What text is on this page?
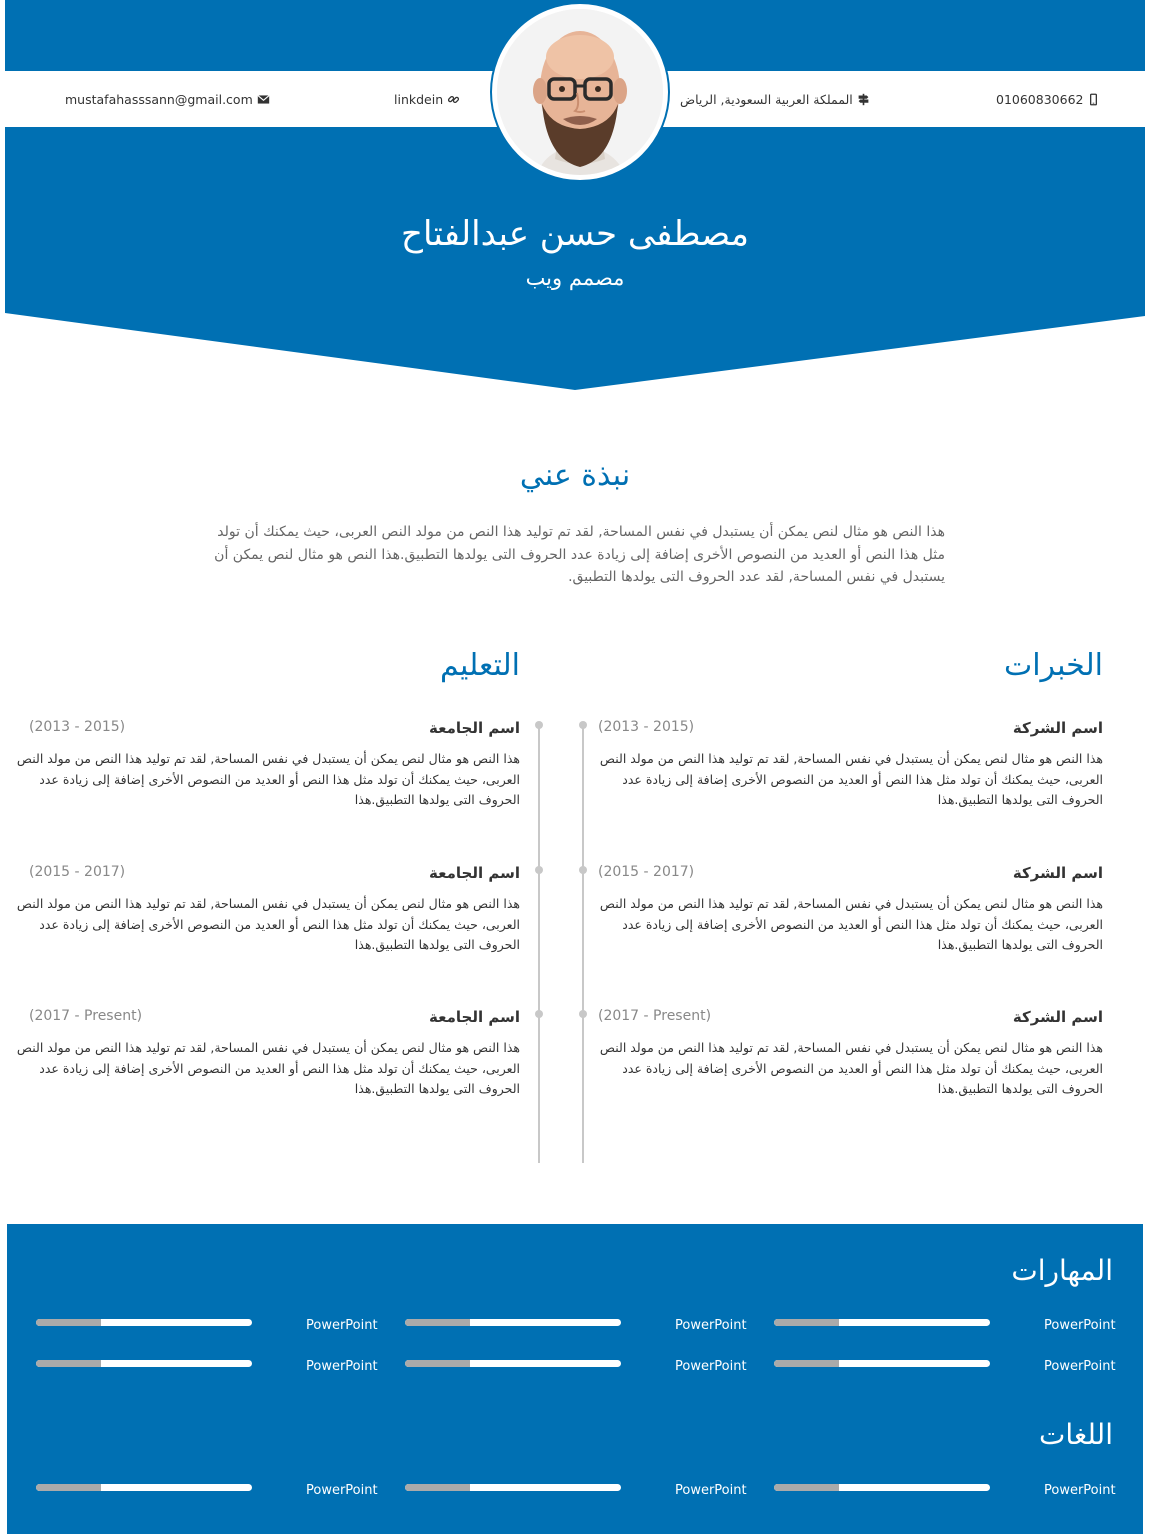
mustafahasssann@gmail.com	linkdein	المملكة العربية السعودية, الرياض	01060830662
مصطفى حسن عبدالفتاح
مصمم ويب
نبذة عني
هذا النص هو مثال لنص يمكن أن يستبدل في نفس المساحة, لقد تم توليد هذا النص من مولد النص العربى، حيث يمكنك أن تولد مثل هذا النص أو العديد من النصوص الأخرى إضافة إلى زيادة عدد الحروف التى يولدها التطبيق.هذا النص هو مثال لنص يمكن أن يستبدل في نفس المساحة, لقد عدد الحروف التى يولدها التطبيق.
الخبرات
التعليم
اسم الشركة
(2013 - 2015)
هذا النص هو مثال لنص يمكن أن يستبدل في نفس المساحة, لقد تم توليد هذا النص من مولد النص العربى، حيث يمكنك أن تولد مثل هذا النص أو العديد من النصوص الأخرى إضافة إلى زيادة عدد الحروف التى يولدها التطبيق.هذا
اسم الشركة
(2015 - 2017)
هذا النص هو مثال لنص يمكن أن يستبدل في نفس المساحة, لقد تم توليد هذا النص من مولد النص العربى، حيث يمكنك أن تولد مثل هذا النص أو العديد من النصوص الأخرى إضافة إلى زيادة عدد الحروف التى يولدها التطبيق.هذا
اسم الشركة
(2017 - Present)
هذا النص هو مثال لنص يمكن أن يستبدل في نفس المساحة, لقد تم توليد هذا النص من مولد النص العربى، حيث يمكنك أن تولد مثل هذا النص أو العديد من النصوص الأخرى إضافة إلى زيادة عدد الحروف التى يولدها التطبيق.هذا
اسم الجامعة
(2013 - 2015)
هذا النص هو مثال لنص يمكن أن يستبدل في نفس المساحة, لقد تم توليد هذا النص من مولد النص العربى، حيث يمكنك أن تولد مثل هذا النص أو العديد من النصوص الأخرى إضافة إلى زيادة عدد الحروف التى يولدها التطبيق.هذا
اسم الجامعة
(2015 - 2017)
هذا النص هو مثال لنص يمكن أن يستبدل في نفس المساحة, لقد تم توليد هذا النص من مولد النص العربى، حيث يمكنك أن تولد مثل هذا النص أو العديد من النصوص الأخرى إضافة إلى زيادة عدد الحروف التى يولدها التطبيق.هذا
اسم الجامعة
(2017 - Present)
هذا النص هو مثال لنص يمكن أن يستبدل في نفس المساحة, لقد تم توليد هذا النص من مولد النص العربى، حيث يمكنك أن تولد مثل هذا النص أو العديد من النصوص الأخرى إضافة إلى زيادة عدد الحروف التى يولدها التطبيق.هذا
المهارات
PowerPoint
PowerPoint
PowerPoint
PowerPoint
PowerPoint
PowerPoint
اللغات
PowerPoint
PowerPoint
PowerPoint
